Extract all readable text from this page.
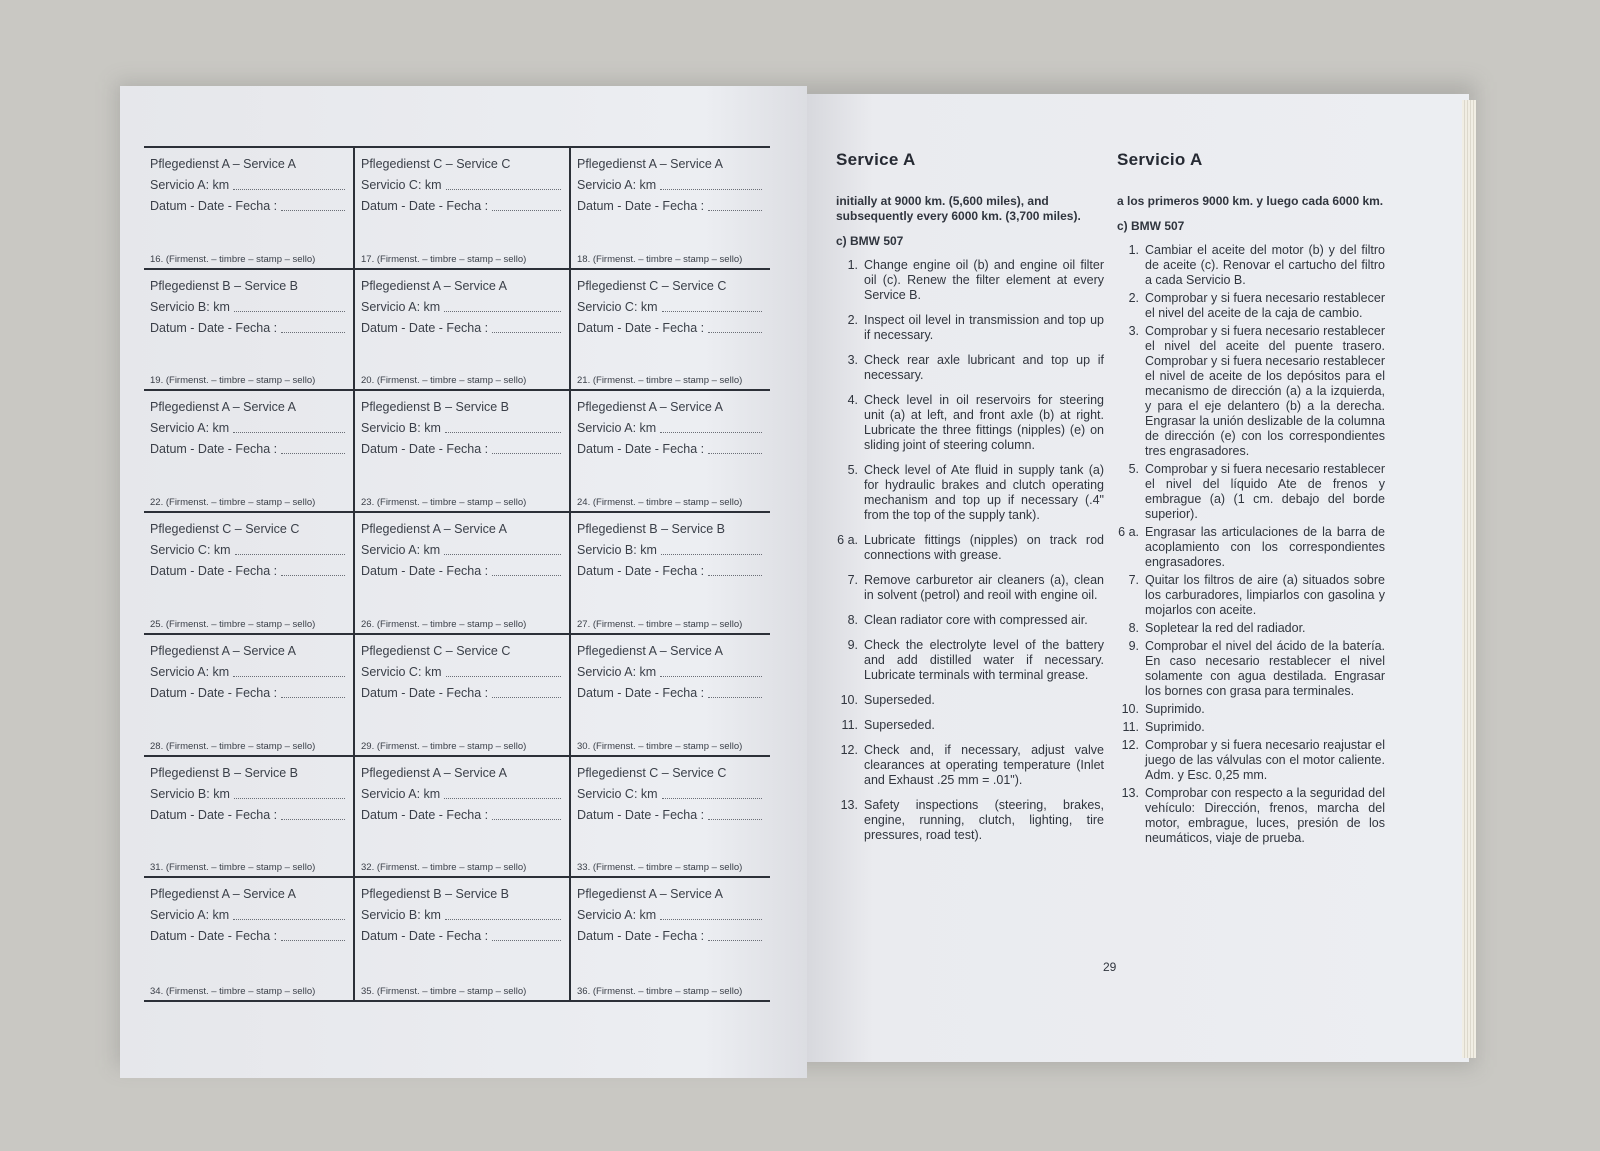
Pflegedienst A – Service A
Servicio A: km
Datum - Date - Fecha :
16. (Firmenst. – timbre – stamp – sello)
Pflegedienst C – Service C
Servicio C: km
Datum - Date - Fecha :
17. (Firmenst. – timbre – stamp – sello)
Pflegedienst A – Service A
Servicio A: km
Datum - Date - Fecha :
18. (Firmenst. – timbre – stamp – sello)
Pflegedienst B – Service B
Servicio B: km
Datum - Date - Fecha :
19. (Firmenst. – timbre – stamp – sello)
Pflegedienst A – Service A
Servicio A: km
Datum - Date - Fecha :
20. (Firmenst. – timbre – stamp – sello)
Pflegedienst C – Service C
Servicio C: km
Datum - Date - Fecha :
21. (Firmenst. – timbre – stamp – sello)
Pflegedienst A – Service A
Servicio A: km
Datum - Date - Fecha :
22. (Firmenst. – timbre – stamp – sello)
Pflegedienst B – Service B
Servicio B: km
Datum - Date - Fecha :
23. (Firmenst. – timbre – stamp – sello)
Pflegedienst A – Service A
Servicio A: km
Datum - Date - Fecha :
24. (Firmenst. – timbre – stamp – sello)
Pflegedienst C – Service C
Servicio C: km
Datum - Date - Fecha :
25. (Firmenst. – timbre – stamp – sello)
Pflegedienst A – Service A
Servicio A: km
Datum - Date - Fecha :
26. (Firmenst. – timbre – stamp – sello)
Pflegedienst B – Service B
Servicio B: km
Datum - Date - Fecha :
27. (Firmenst. – timbre – stamp – sello)
Pflegedienst A – Service A
Servicio A: km
Datum - Date - Fecha :
28. (Firmenst. – timbre – stamp – sello)
Pflegedienst C – Service C
Servicio C: km
Datum - Date - Fecha :
29. (Firmenst. – timbre – stamp – sello)
Pflegedienst A – Service A
Servicio A: km
Datum - Date - Fecha :
30. (Firmenst. – timbre – stamp – sello)
Pflegedienst B – Service B
Servicio B: km
Datum - Date - Fecha :
31. (Firmenst. – timbre – stamp – sello)
Pflegedienst A – Service A
Servicio A: km
Datum - Date - Fecha :
32. (Firmenst. – timbre – stamp – sello)
Pflegedienst C – Service C
Servicio C: km
Datum - Date - Fecha :
33. (Firmenst. – timbre – stamp – sello)
Pflegedienst A – Service A
Servicio A: km
Datum - Date - Fecha :
34. (Firmenst. – timbre – stamp – sello)
Pflegedienst B – Service B
Servicio B: km
Datum - Date - Fecha :
35. (Firmenst. – timbre – stamp – sello)
Pflegedienst A – Service A
Servicio A: km
Datum - Date - Fecha :
36. (Firmenst. – timbre – stamp – sello)
Service A

initially at 9000 km. (5,600 miles), and subsequently every 6000 km. (3,700 miles).

c) BMW 507

1. Change engine oil (b) and engine oil filter oil (c). Renew the filter element at every Service B.
2. Inspect oil level in transmission and top up if necessary.
3. Check rear axle lubricant and top up if necessary.
4. Check level in oil reservoirs for steering unit (a) at left, and front axle (b) at right. Lubricate the three fittings (nipples) (e) on sliding joint of steering column.
5. Check level of Ate fluid in supply tank (a) for hydraulic brakes and clutch operating mechanism and top up if necessary (.4" from the top of the supply tank).
6 a. Lubricate fittings (nipples) on track rod connections with grease.
7. Remove carburetor air cleaners (a), clean in solvent (petrol) and reoil with engine oil.
8. Clean radiator core with compressed air.
9. Check the electrolyte level of the battery and add distilled water if necessary. Lubricate terminals with terminal grease.
10. Superseded.
11. Superseded.
12. Check and, if necessary, adjust valve clearances at operating temperature (Inlet and Exhaust .25 mm = .01").
13. Safety inspections (steering, brakes, engine, running, clutch, lighting, tire pressures, road test).
Servicio A

a los primeros 9000 km. y luego cada 6000 km.

c) BMW 507

1. Cambiar el aceite del motor (b) y del filtro de aceite (c). Renovar el cartucho del filtro a cada Servicio B.
2. Comprobar y si fuera necesario restablecer el nivel del aceite de la caja de cambio.
3. Comprobar y si fuera necesario restablecer el nivel del aceite del puente trasero. Comprobar y si fuera necesario restablecer el nivel de aceite de los depósitos para el mecanismo de dirección (a) a la izquierda, y para el eje delantero (b) a la derecha. Engrasar la unión deslizable de la columna de dirección (e) con los correspondientes tres engrasadores.
5. Comprobar y si fuera necesario restablecer el nivel del líquido Ate de frenos y embrague (a) (1 cm. debajo del borde superior).
6 a. Engrasar las articulaciones de la barra de acoplamiento con los correspondientes engrasadores.
7. Quitar los filtros de aire (a) situados sobre los carburadores, limpiarlos con gasolina y mojarlos con aceite.
8. Sopletear la red del radiador.
9. Comprobar el nivel del ácido de la batería. En caso necesario restablecer el nivel solamente con agua destilada. Engrasar los bornes con grasa para terminales.
10. Suprimido.
11. Suprimido.
12. Comprobar y si fuera necesario reajustar el juego de las válvulas con el motor caliente. Adm. y Esc. 0,25 mm.
13. Comprobar con respecto a la seguridad del vehículo: Dirección, frenos, marcha del motor, embrague, luces, presión de los neumáticos, viaje de prueba.
29
